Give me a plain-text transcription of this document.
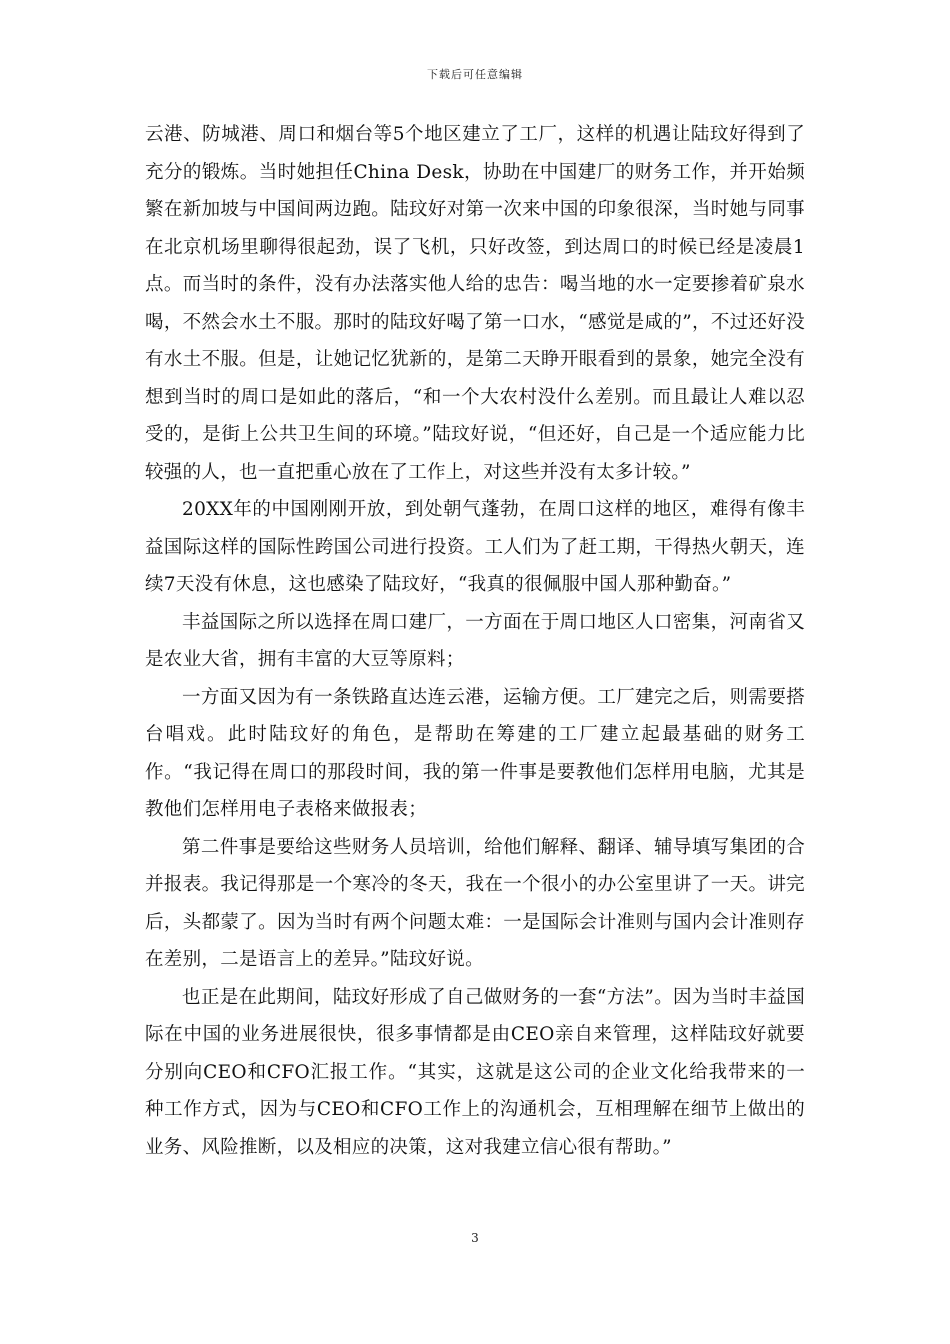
下载后可任意编辑

云港、防城港、周口和烟台等5个地区建立了工厂，这样的机遇让陆玟好得到了充分的锻炼。当时她担任China Desk，协助在中国建厂的财务工作，并开始频繁在新加坡与中国间两边跑。陆玟好对第一次来中国的印象很深，当时她与同事在北京机场里聊得很起劲，误了飞机，只好改签，到达周口的时候已经是凌晨1点。而当时的条件，没有办法落实他人给的忠告：喝当地的水一定要掺着矿泉水喝，不然会水土不服。那时的陆玟好喝了第一口水，“感觉是咸的”，不过还好没有水土不服。但是，让她记忆犹新的，是第二天睁开眼看到的景象，她完全没有想到当时的周口是如此的落后，“和一个大农村没什么差别。而且最让人难以忍受的，是街上公共卫生间的环境。”陆玟好说，“但还好，自己是一个适应能力比较强的人，也一直把重心放在了工作上，对这些并没有太多计较。”

20XX年的中国刚刚开放，到处朝气蓬勃，在周口这样的地区，难得有像丰益国际这样的国际性跨国公司进行投资。工人们为了赶工期，干得热火朝天，连续7天没有休息，这也感染了陆玟好，“我真的很佩服中国人那种勤奋。”

丰益国际之所以选择在周口建厂，一方面在于周口地区人口密集，河南省又是农业大省，拥有丰富的大豆等原料；

一方面又因为有一条铁路直达连云港，运输方便。工厂建完之后，则需要搭台唱戏。此时陆玟好的角色，是帮助在筹建的工厂建立起最基础的财务工作。“我记得在周口的那段时间，我的第一件事是要教他们怎样用电脑，尤其是教他们怎样用电子表格来做报表；

第二件事是要给这些财务人员培训，给他们解释、翻译、辅导填写集团的合并报表。我记得那是一个寒冷的冬天，我在一个很小的办公室里讲了一天。讲完后，头都蒙了。因为当时有两个问题太难：一是国际会计准则与国内会计准则存在差别，二是语言上的差异。”陆玟好说。

也正是在此期间，陆玟好形成了自己做财务的一套“方法”。因为当时丰益国际在中国的业务进展很快，很多事情都是由CEO亲自来管理，这样陆玟好就要分别向CEO和CFO汇报工作。“其实，这就是这公司的企业文化给我带来的一种工作方式，因为与CEO和CFO工作上的沟通机会，互相理解在细节上做出的业务、风险推断，以及相应的决策，这对我建立信心很有帮助。”

3
